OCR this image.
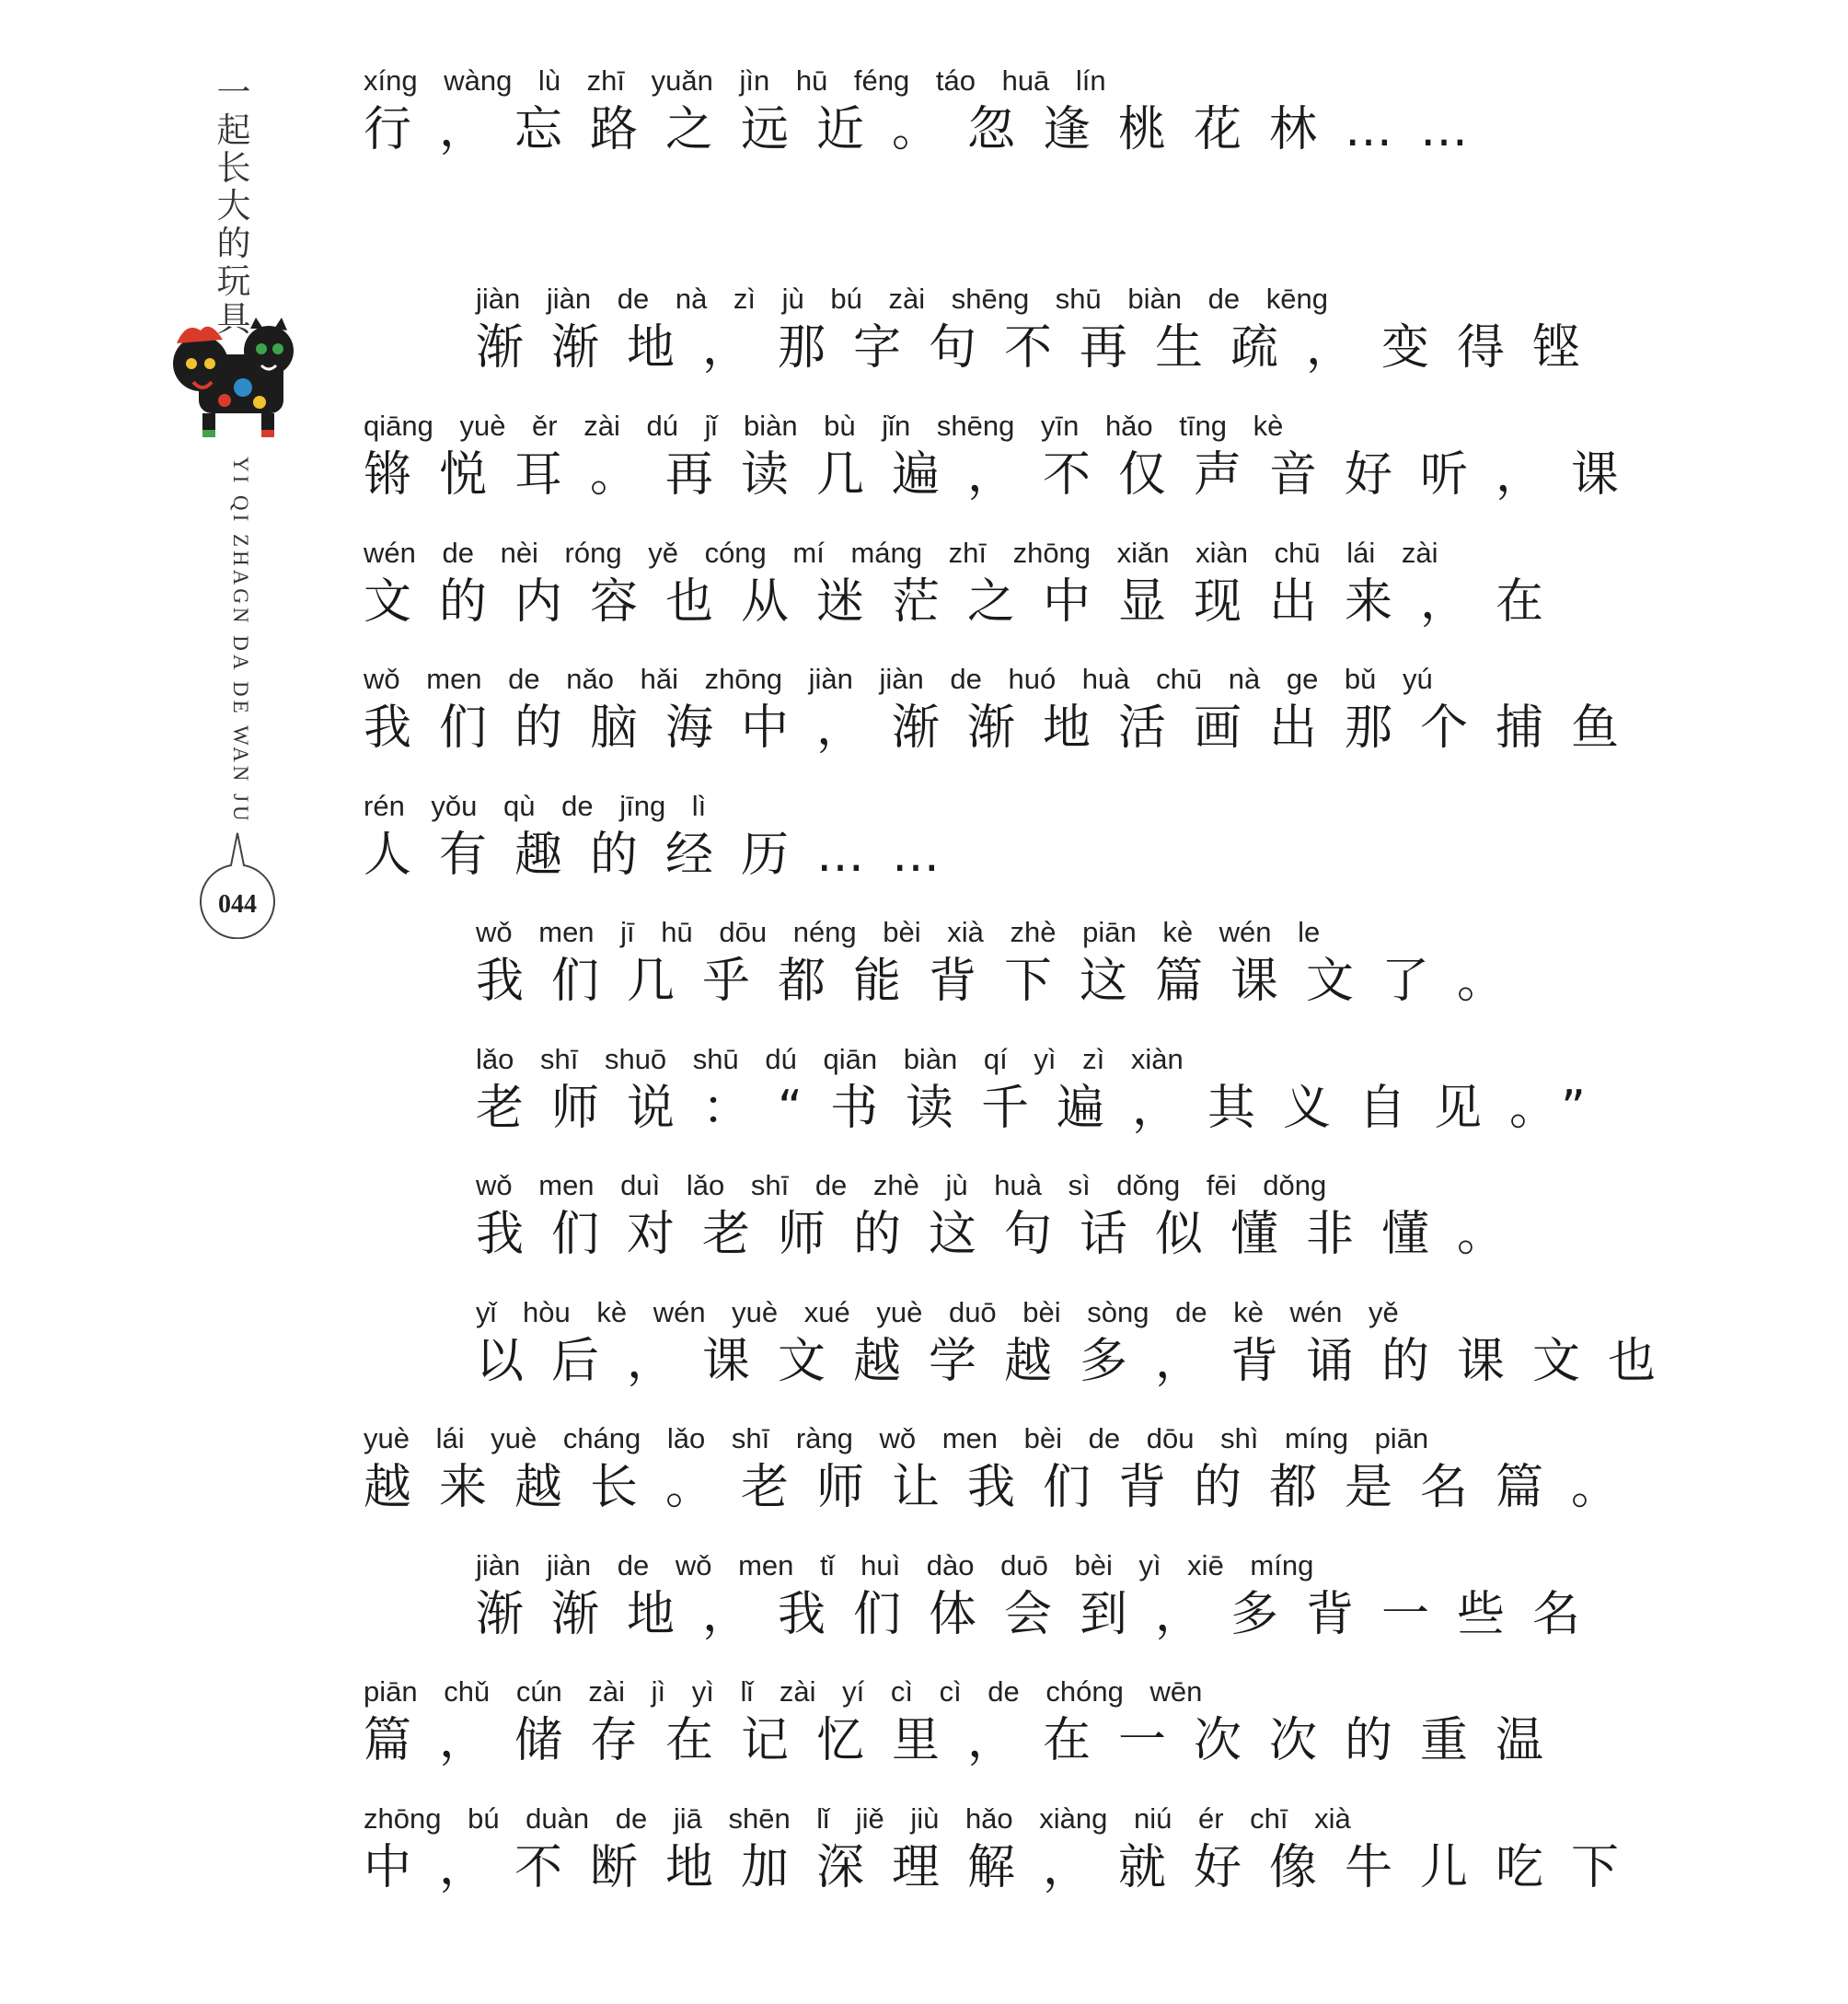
一起长大的玩具
YI QI ZHAGN DA DE WAN JU
044
xíng wàng lù zhī yuǎn jìn hū féng táo huā lín
行，忘路之远近。忽逢桃花林……
jiàn jiàn de nà zì jù bú zài shēng shū biàn de kēng
渐渐地，那字句不再生疏，变得铿
qiāng yuè ěr zài dú jǐ biàn bù jǐn shēng yīn hǎo tīng kè
锵悦耳。再读几遍，不仅声音好听，课
wén de nèi róng yě cóng mí máng zhī zhōng xiǎn xiàn chū lái zài
文的内容也从迷茫之中显现出来，在
wǒ men de nǎo hǎi zhōng jiàn jiàn de huó huà chū nà ge bǔ yú
我们的脑海中，渐渐地活画出那个捕鱼
rén yǒu qù de jīng lì
人有趣的经历……
wǒ men jī hū dōu néng bèi xià zhè piān kè wén le
我们几乎都能背下这篇课文了。
lǎo shī shuō shū dú qiān biàn qí yì zì xiàn
老师说：“书读千遍，其义自见。”
wǒ men duì lǎo shī de zhè jù huà sì dǒng fēi dǒng
我们对老师的这句话似懂非懂。
yǐ hòu kè wén yuè xué yuè duō bèi sòng de kè wén yě
以后，课文越学越多，背诵的课文也
yuè lái yuè cháng lǎo shī ràng wǒ men bèi de dōu shì míng piān
越来越长。老师让我们背的都是名篇。
jiàn jiàn de wǒ men tǐ huì dào duō bèi yì xiē míng
渐渐地，我们体会到，多背一些名
piān chǔ cún zài jì yì lǐ zài yí cì cì de chóng wēn
篇，储存在记忆里，在一次次的重温
zhōng bú duàn de jiā shēn lǐ jiě jiù hǎo xiàng niú ér chī xià
中，不断地加深理解，就好像牛儿吃下
